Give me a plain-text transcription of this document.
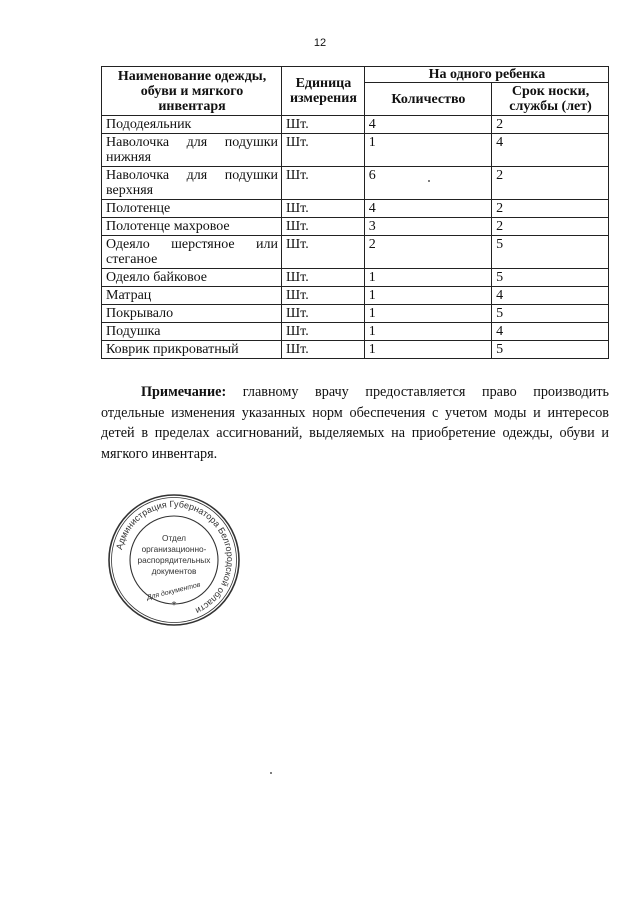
12
Наименование одежды, обуви и мягкого инвентаря	Единица измерения	На одного ребенка	
		Количество	Срок носки, службы (лет)
Пододеяльник	Шт.	4	2
Наволочка для подушки нижняя	Шт.	1	4
Наволочка для подушки верхняя	Шт.	6	2
Полотенце	Шт.	4	2
Полотенце махровое	Шт.	3	2
Одеяло шерстяное или стеганое	Шт.	2	5
Одеяло байковое	Шт.	1	5
Матрац	Шт.	1	4
Покрывало	Шт.	1	5
Подушка	Шт.	1	4
Коврик прикроватный	Шт.	1	5

Примечание: главному врачу предоставляется право производить отдельные изменения указанных норм обеспечения с учетом моды и интересов детей в пределах ассигнований, выделяемых на приобретение одежды, обуви и мягкого инвентаря.

Администрация Губернатора Белгородской области
Отдел
организационно-
распорядительных
документов
Для документов
*
